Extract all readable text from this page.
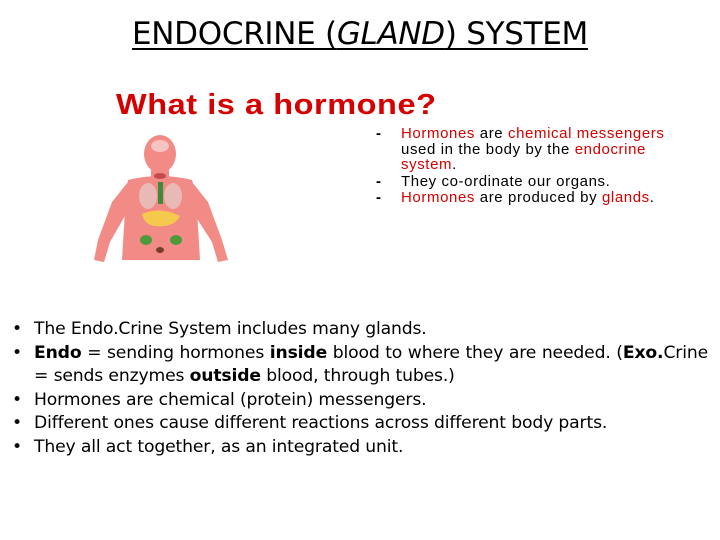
ENDOCRINE (GLAND) SYSTEM
What is a hormone?
- Hormones are chemical messengers used in the body by the endocrine system.
- They co-ordinate our organs.
- Hormones are produced by glands.
• The Endo.Crine System includes many glands.
• Endo = sending hormones inside blood to where they are needed. (Exo.Crine = sends enzymes outside blood, through tubes.)
• Hormones are chemical (protein) messengers.
• Different ones cause different reactions across different body parts.
• They all act together, as an integrated unit.
